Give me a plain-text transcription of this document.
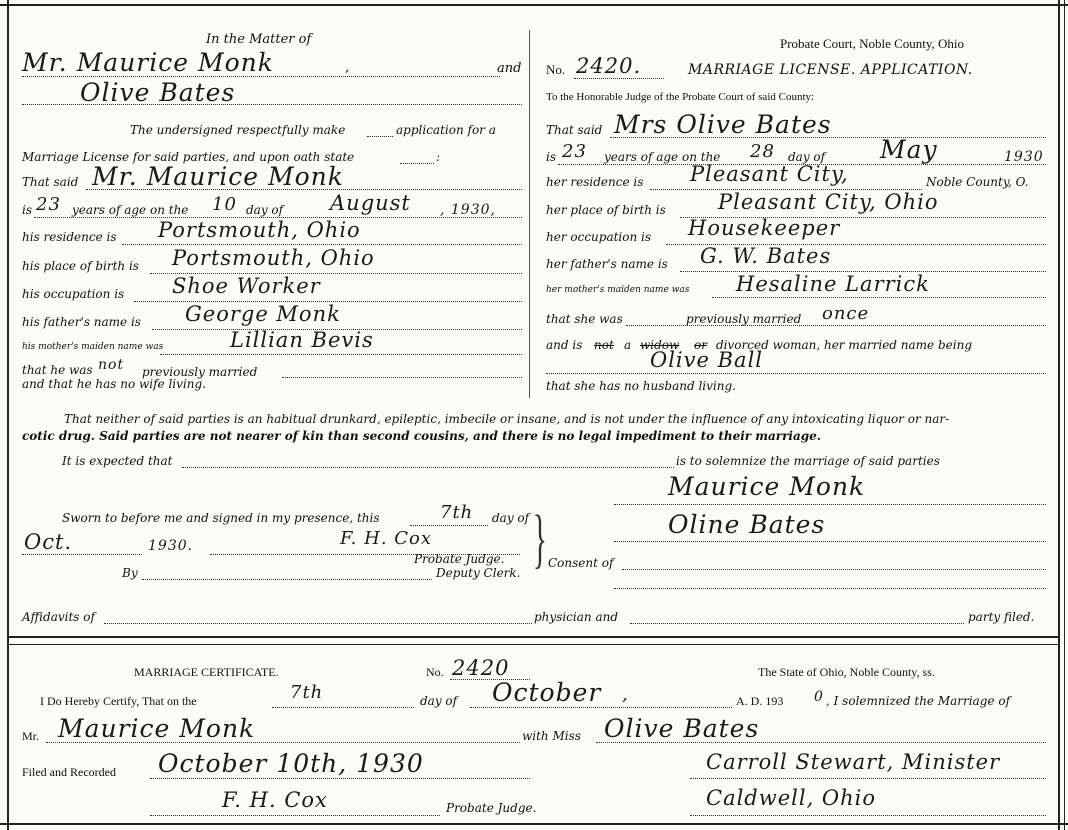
In the Matter of
Mr. Maurice Monk	,	and
Olive Bates
Probate Court, Noble County, Ohio
No. 2420.	MARRIAGE LICENSE. APPLICATION.
To the Honorable Judge of the Probate Court of said County:
The undersigned respectfully make	application for a
Marriage License for said parties, and upon oath state	:
That said Mr. Maurice Monk
is 23 years of age on the 10 day of August , 1930,
his residence is Portsmouth, Ohio
his place of birth is Portsmouth, Ohio
his occupation is Shoe Worker
his father's name is George Monk
his mother's maiden name was	Lillian Bevis
that he was not previously married
and that he has no wife living.
That said Mrs Olive Bates
is 23 years of age on the 28 day of May	1930
her residence is Pleasant City,	Noble County, O.
her place of birth is Pleasant City, Ohio
her occupation is Housekeeper
her father's name is G. W. Bates
her mother's maiden name was Hesaline Larrick
that she was	previously married once
and is not a widow or divorced woman, her married name being
Olive Ball
that she has no husband living.
That neither of said parties is an habitual drunkard, epileptic, imbecile or insane, and is not under the influence of any intoxicating liquor or nar-
cotic drug. Said parties are not nearer of kin than second cousins, and there is no legal impediment to their marriage.
It is expected that	is to solemnize the marriage of said parties
Maurice Monk
Oline Bates
Sworn to before me and signed in my presence, this	7th day of }
Oct.	1930.	F. H. Cox
Probate Judge.
Deputy Clerk.
By
Consent of
Affidavits of	physician and	party filed.
MARRIAGE CERTIFICATE.	No. 2420	The State of Ohio, Noble County, ss.
I Do Hereby Certify, That on the	7th	day of October ,	A. D. 193 0 , I solemnized the Marriage of
Mr. Maurice Monk	with Miss Olive Bates
Filed and Recorded October 10th, 1930	Carroll Stewart, Minister
F. H. Cox	Probate Judge.	Caldwell, Ohio
